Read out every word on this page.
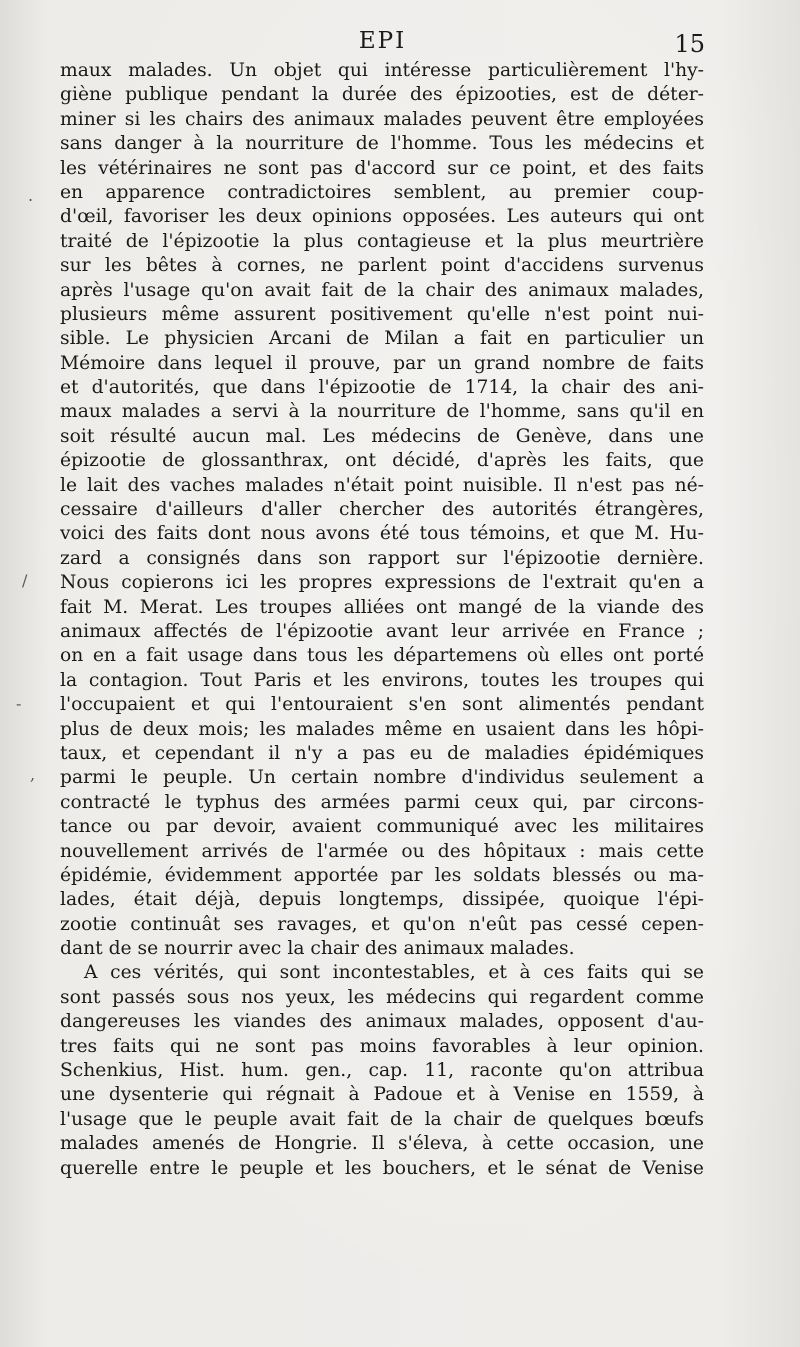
EPI	15
.
/
-
,
maux malades. Un objet qui intéresse particulièrement l'hy-
giène publique pendant la durée des épizooties, est de déter-
miner si les chairs des animaux malades peuvent être employées
sans danger à la nourriture de l'homme. Tous les médecins et
les vétérinaires ne sont pas d'accord sur ce point, et des faits
en apparence contradictoires semblent, au premier coup-
d'œil, favoriser les deux opinions opposées. Les auteurs qui ont
traité de l'épizootie la plus contagieuse et la plus meurtrière
sur les bêtes à cornes, ne parlent point d'accidens survenus
après l'usage qu'on avait fait de la chair des animaux malades,
plusieurs même assurent positivement qu'elle n'est point nui-
sible. Le physicien Arcani de Milan a fait en particulier un
Mémoire dans lequel il prouve, par un grand nombre de faits
et d'autorités, que dans l'épizootie de 1714, la chair des ani-
maux malades a servi à la nourriture de l'homme, sans qu'il en
soit résulté aucun mal. Les médecins de Genève, dans une
épizootie de glossanthrax, ont décidé, d'après les faits, que
le lait des vaches malades n'était point nuisible. Il n'est pas né-
cessaire d'ailleurs d'aller chercher des autorités étrangères,
voici des faits dont nous avons été tous témoins, et que M. Hu-
zard a consignés dans son rapport sur l'épizootie dernière.
Nous copierons ici les propres expressions de l'extrait qu'en a
fait M. Merat. Les troupes alliées ont mangé de la viande des
animaux affectés de l'épizootie avant leur arrivée en France ;
on en a fait usage dans tous les départemens où elles ont porté
la contagion. Tout Paris et les environs, toutes les troupes qui
l'occupaient et qui l'entouraient s'en sont alimentés pendant
plus de deux mois; les malades même en usaient dans les hôpi-
taux, et cependant il n'y a pas eu de maladies épidémiques
parmi le peuple. Un certain nombre d'individus seulement a
contracté le typhus des armées parmi ceux qui, par circons-
tance ou par devoir, avaient communiqué avec les militaires
nouvellement arrivés de l'armée ou des hôpitaux : mais cette
épidémie, évidemment apportée par les soldats blessés ou ma-
lades, était déjà, depuis longtemps, dissipée, quoique l'épi-
zootie continuât ses ravages, et qu'on n'eût pas cessé cepen-
dant de se nourrir avec la chair des animaux malades.
A ces vérités, qui sont incontestables, et à ces faits qui se
sont passés sous nos yeux, les médecins qui regardent comme
dangereuses les viandes des animaux malades, opposent d'au-
tres faits qui ne sont pas moins favorables à leur opinion.
Schenkius, Hist. hum. gen., cap. 11, raconte qu'on attribua
une dysenterie qui régnait à Padoue et à Venise en 1559, à
l'usage que le peuple avait fait de la chair de quelques bœufs
malades amenés de Hongrie. Il s'éleva, à cette occasion, une
querelle entre le peuple et les bouchers, et le sénat de Venise
